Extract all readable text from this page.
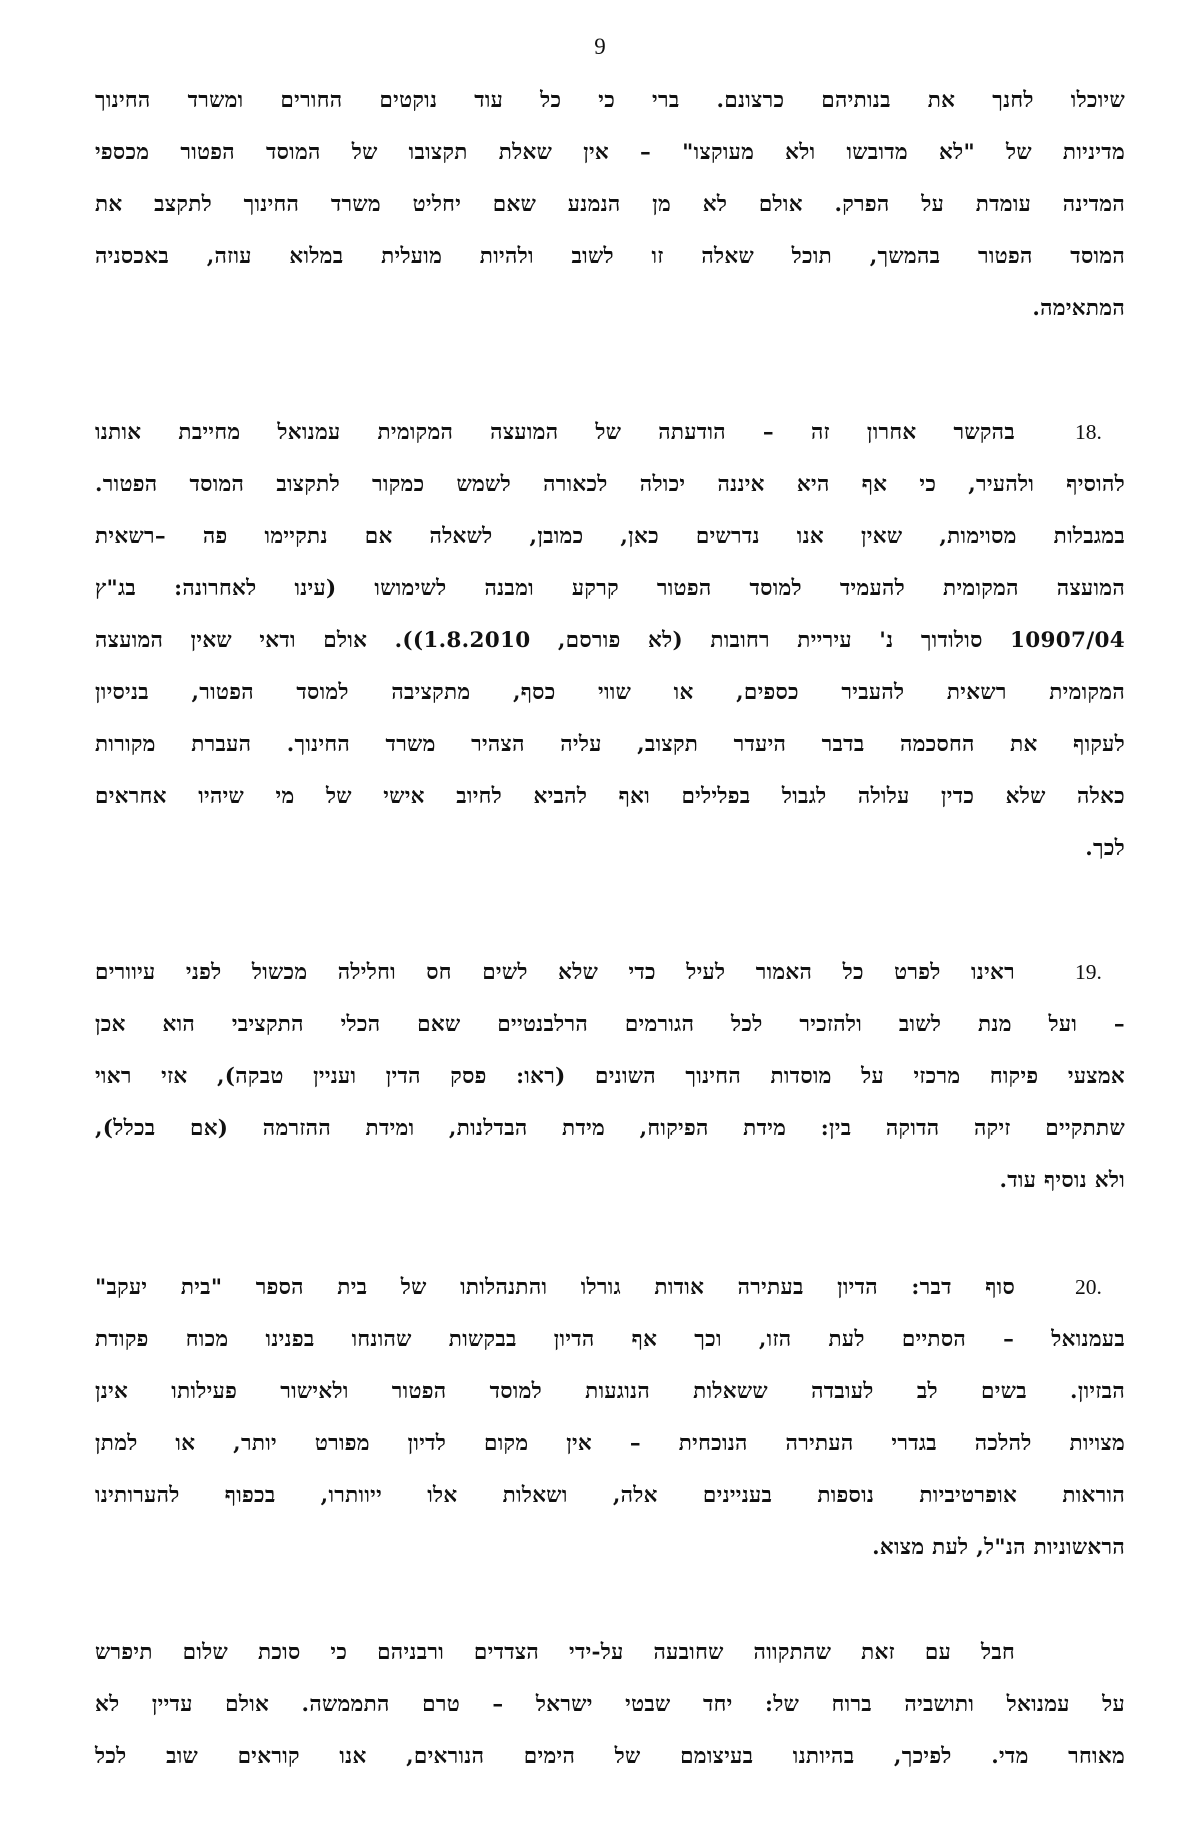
9
שיוכלו לחנך את בנותיהם כרצונם. ברי כי כל עוד נוקטים החורים ומשרד החינוך
מדיניות של "לא מדובשו ולא מעוקצו" – אין שאלת תקצובו של המוסד הפטור מכספי
המדינה עומדת על הפרק. אולם לא מן הנמנע שאם יחליט משרד החינוך לתקצב את
המוסד הפטור בהמשך, תוכל שאלה זו לשוב ולהיות מועלית במלוא עוזה, באכסניה
המתאימה.
18.
בהקשר אחרון זה – הודעתה של המועצה המקומית עמנואל מחייבת אותנו
להוסיף ולהעיר, כי אף היא איננה יכולה לכאורה לשמש כמקור לתקצוב המוסד הפטור.
במגבלות מסוימות, שאין אנו נדרשים כאן, כמובן, לשאלה אם נתקיימו פה –רשאית
המועצה המקומית להעמיד למוסד הפטור קרקע ומבנה לשימושו (עינו לאחרונה: בג"ץ
10907/04 סולודוך נ' עיריית רחובות (לא פורסם, 1.8.2010)). אולם ודאי שאין המועצה
המקומית רשאית להעביר כספים, או שווי כסף, מתקציבה למוסד הפטור, בניסיון
לעקוף את החסכמה בדבר היעדר תקצוב, עליה הצהיר משרד החינוך. העברת מקורות
כאלה שלא כדין עלולה לגבול בפלילים ואף להביא לחיוב אישי של מי שיהיו אחראים
לכך.
19.
ראינו לפרט כל האמור לעיל כדי שלא לשים חס וחלילה מכשול לפני עיוורים
– ועל מנת לשוב ולהזכיר לכל הגורמים הרלבנטיים שאם הכלי התקציבי הוא אכן
אמצעי פיקוח מרכזי על מוסדות החינוך השונים (ראו: פסק הדין ועניין טבקה), אזי ראוי
שתתקיים זיקה הדוקה בין: מידת הפיקוח, מידת הבדלנות, ומידת ההזרמה (אם בכלל),
ולא נוסיף עוד.
20.
סוף דבר: הדיון בעתירה אודות גורלו והתנהלותו של בית הספר "בית יעקב"
בעמנואל – הסתיים לעת הזו, וכך אף הדיון בבקשות שהונחו בפנינו מכוח פקודת
הבזיון. בשים לב לעובדה ששאלות הנוגעות למוסד הפטור ולאישור פעילותו אינן
מצויות להלכה בגדרי העתירה הנוכחית – אין מקום לדיון מפורט יותר, או למתן
הוראות אופרטיביות נוספות בעניינים אלה, ושאלות אלו ייוותרו, בכפוף להערותינו
הראשוניות הנ"ל, לעת מצוא.
חבל עם זאת שהתקווה שחובעה על-ידי הצדדים ורבניהם כי סוכת שלום תיפרש
על עמנואל ותושביה ברוח של: יחד שבטי ישראל – טרם התממשה. אולם עדיין לא
מאוחר מדי. לפיכך, בהיותנו בעיצומם של הימים הנוראים, אנו קוראים שוב לכל
